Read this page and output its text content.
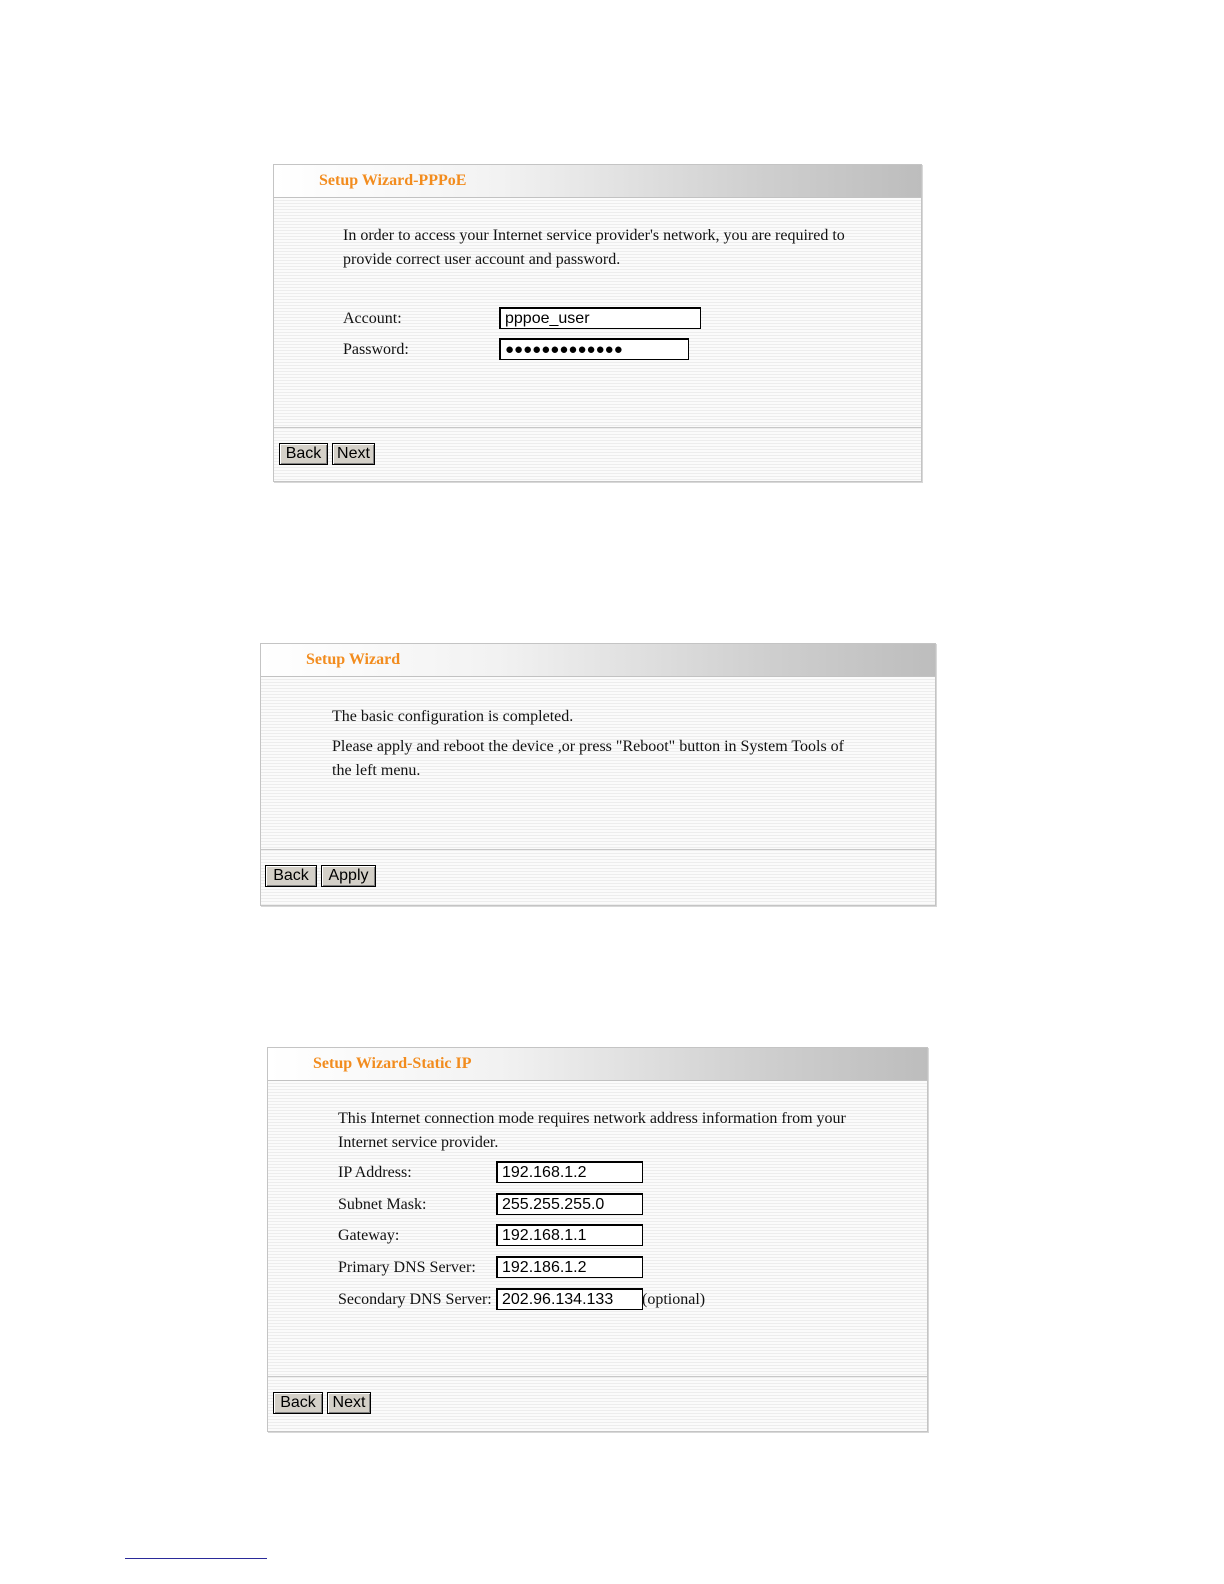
Setup Wizard-PPPoE
In order to access your Internet service provider's network, you are required to
provide correct user account and password.
Account:	pppoe_user
Password:	●●●●●●●●●●●●●
Back Next
Setup Wizard
The basic configuration is completed.
Please apply and reboot the device ,or press "Reboot" button in System Tools of
the left menu.
Back	Apply
Setup Wizard-Static IP
This Internet connection mode requires network address information from your
Internet service provider.
IP Address:	192.168.1.2
Subnet Mask:	255.255.255.0
Gateway:	192.168.1.1
Primary DNS Server:	192.186.1.2
Secondary DNS Server: 202.96.134.133	(optional)
Back	Next
